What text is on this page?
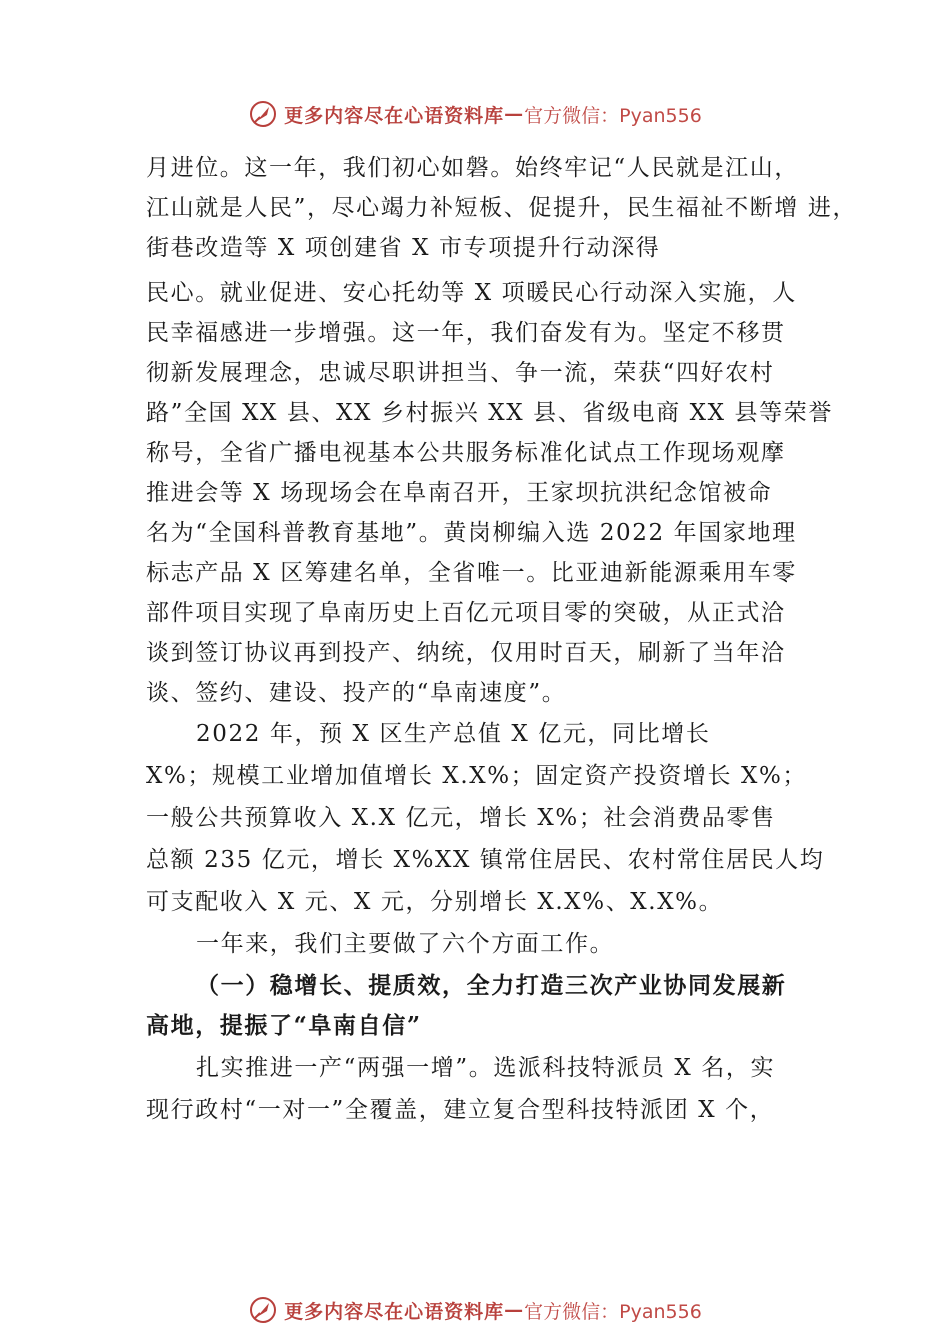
更多内容尽在心语资料库 — 官方微信：Pyan556
月进位。这一年，我们初心如磐。始终牢记“人民就是江山，
江山就是人民”，尽心竭力补短板、促提升，民生福祉不断增 进，
街巷改造等 X 项创建省 X 市专项提升行动深得
民心。就业促进、安心托幼等 X 项暖民心行动深入实施，人
民幸福感进一步增强。这一年，我们奋发有为。坚定不移贯
彻新发展理念，忠诚尽职讲担当、争一流，荣获“四好农村
路”全国 XX 县、XX 乡村振兴 XX 县、省级电商 XX 县等荣誉
称号，全省广播电视基本公共服务标准化试点工作现场观摩
推进会等 X 场现场会在阜南召开，王家坝抗洪纪念馆被命
名为“全国科普教育基地”。黄岗柳编入选 2022 年国家地理
标志产品 X 区筹建名单，全省唯一。比亚迪新能源乘用车零
部件项目实现了阜南历史上百亿元项目零的突破，从正式洽
谈到签订协议再到投产、纳统，仅用时百天，刷新了当年洽
谈、签约、建设、投产的“阜南速度”。
2022 年，预 X 区生产总值 X 亿元，同比增长
X%；规模工业增加值增长 X.X%；固定资产投资增长 X%；
一般公共预算收入 X.X 亿元，增长 X%；社会消费品零售
总额 235 亿元，增长 X%XX 镇常住居民、农村常住居民人均
可支配收入 X 元、X 元，分别增长 X.X%、X.X%。
一年来，我们主要做了六个方面工作。
（一）稳增长、提质效，全力打造三次产业协同发展新
高地，提振了“阜南自信”
扎实推进一产“两强一增”。选派科技特派员 X 名，实
现行政村“一对一”全覆盖，建立复合型科技特派团 X 个，
更多内容尽在心语资料库 — 官方微信：Pyan556
